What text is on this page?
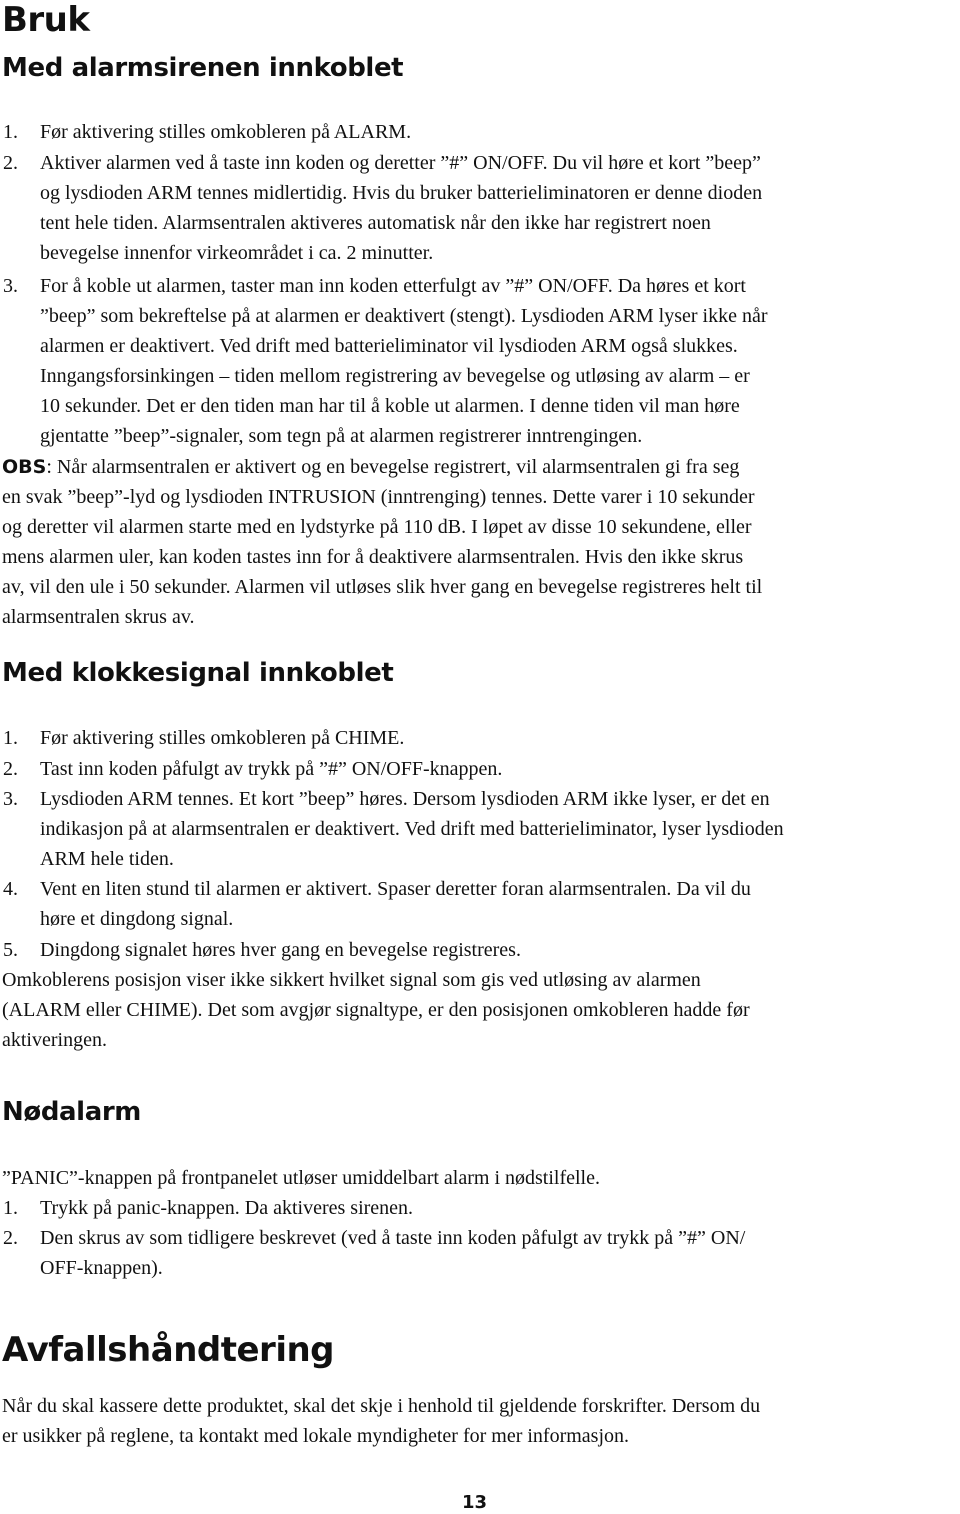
Bruk
Med alarmsirenen innkoblet
1. Før aktivering stilles omkobleren på ALARM.
2. Aktiver alarmen ved å taste inn koden og deretter ”#” ON/OFF. Du vil høre et kort ”beep”
og lysdioden ARM tennes midlertidig. Hvis du bruker batterieliminatoren er denne dioden
tent hele tiden. Alarmsentralen aktiveres automatisk når den ikke har registrert noen
bevegelse innenfor virkeområdet i ca. 2 minutter.
3. For å koble ut alarmen, taster man inn koden etterfulgt av ”#” ON/OFF. Da høres et kort
”beep” som bekreftelse på at alarmen er deaktivert (stengt). Lysdioden ARM lyser ikke når
alarmen er deaktivert. Ved drift med batterieliminator vil lysdioden ARM også slukkes.
Inngangsforsinkingen – tiden mellom registrering av bevegelse og utløsing av alarm – er
10 sekunder. Det er den tiden man har til å koble ut alarmen. I denne tiden vil man høre
gjentatte ”beep”-signaler, som tegn på at alarmen registrerer inntrengingen.
OBS: Når alarmsentralen er aktivert og en bevegelse registrert, vil alarmsentralen gi fra seg
en svak ”beep”-lyd og lysdioden INTRUSION (inntrenging) tennes. Dette varer i 10 sekunder
og deretter vil alarmen starte med en lydstyrke på 110 dB. I løpet av disse 10 sekundene, eller
mens alarmen uler, kan koden tastes inn for å deaktivere alarmsentralen. Hvis den ikke skrus
av, vil den ule i 50 sekunder. Alarmen vil utløses slik hver gang en bevegelse registreres helt til
alarmsentralen skrus av.
Med klokkesignal innkoblet
1. Før aktivering stilles omkobleren på CHIME.
2. Tast inn koden påfulgt av trykk på ”#” ON/OFF-knappen.
3. Lysdioden ARM tennes. Et kort ”beep” høres. Dersom lysdioden ARM ikke lyser, er det en
indikasjon på at alarmsentralen er deaktivert. Ved drift med batterieliminator, lyser lysdioden
ARM hele tiden.
4. Vent en liten stund til alarmen er aktivert. Spaser deretter foran alarmsentralen. Da vil du
høre et dingdong signal.
5. Dingdong signalet høres hver gang en bevegelse registreres.
Omkoblerens posisjon viser ikke sikkert hvilket signal som gis ved utløsing av alarmen
(ALARM eller CHIME). Det som avgjør signaltype, er den posisjonen omkobleren hadde før
aktiveringen.
Nødalarm
”PANIC”-knappen på frontpanelet utløser umiddelbart alarm i nødstilfelle.
1. Trykk på panic-knappen. Da aktiveres sirenen.
2. Den skrus av som tidligere beskrevet (ved å taste inn koden påfulgt av trykk på ”#” ON/
OFF-knappen).
Avfallshåndtering
Når du skal kassere dette produktet, skal det skje i henhold til gjeldende forskrifter. Dersom du
er usikker på reglene, ta kontakt med lokale myndigheter for mer informasjon.
13
